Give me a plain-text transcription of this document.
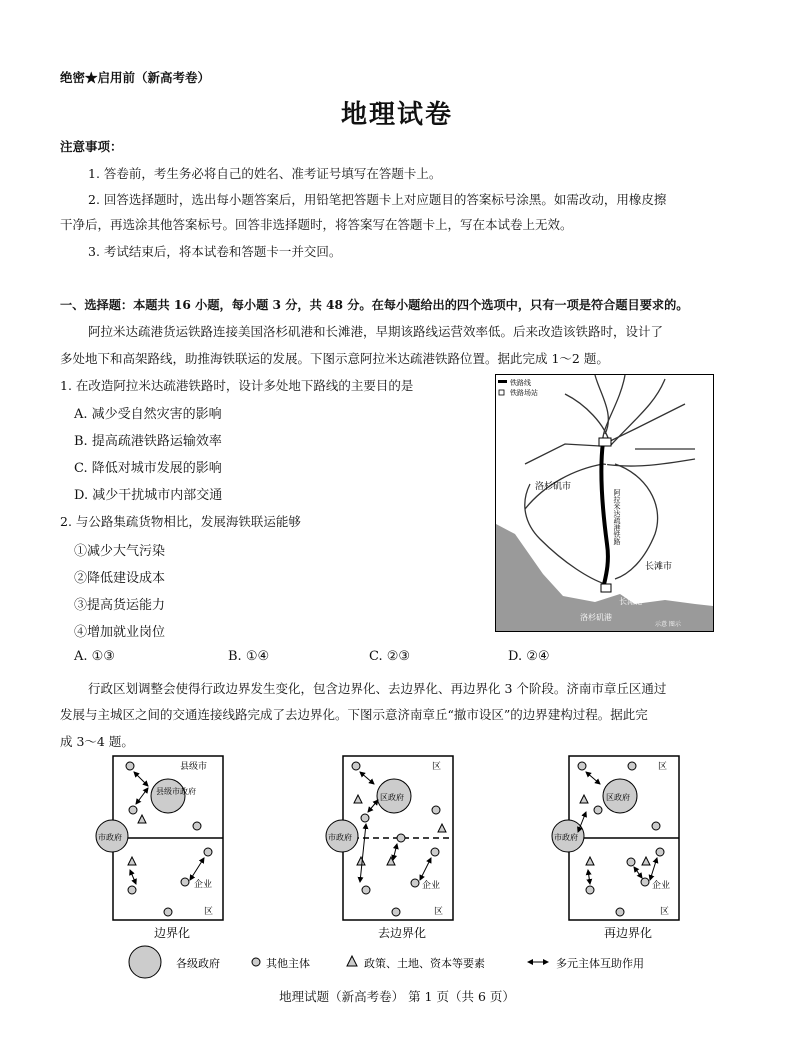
绝密★启用前（新高考卷）
地理试卷
注意事项：
1. 答卷前，考生务必将自己的姓名、准考证号填写在答题卡上。
2. 回答选择题时，选出每小题答案后，用铅笔把答题卡上对应题目的答案标号涂黑。如需改动，用橡皮擦
干净后，再选涂其他答案标号。回答非选择题时，将答案写在答题卡上，写在本试卷上无效。
3. 考试结束后，将本试卷和答题卡一并交回。
一、选择题：本题共 16 小题，每小题 3 分，共 48 分。在每小题给出的四个选项中，只有一项是符合题目要求的。
阿拉米达疏港货运铁路连接美国洛杉矶港和长滩港，早期该路线运营效率低。后来改造该铁路时，设计了
多处地下和高架路线，助推海铁联运的发展。下图示意阿拉米达疏港铁路位置。据此完成 1～2 题。
1. 在改造阿拉米达疏港铁路时，设计多处地下路线的主要目的是
A. 减少受自然灾害的影响
B. 提高疏港铁路运输效率
C. 降低对城市发展的影响
D. 减少干扰城市内部交通
2. 与公路集疏货物相比，发展海铁联运能够
①减少大气污染
②降低建设成本
③提高货运能力
④增加就业岗位
A. ①③	B. ①④	C. ②③	D. ②④
铁路线
铁路场站
洛杉矶市
长滩市
阿拉米达疏港铁路
洛杉矶港
长滩港
示意 图示
行政区划调整会使得行政边界发生变化，包含边界化、去边界化、再边界化 3 个阶段。济南市章丘区通过
发展与主城区之间的交通连接线路完成了去边界化。下图示意济南章丘“撤市设区”的边界建构过程。据此完
成 3～4 题。
县级市
县级市政府
市政府
企业
区
边界化
区
区政府
市政府
企业
区
去边界化
区
区政府
市政府
企业
区
再边界化
各级政府	其他主体	政策、土地、资本等要素	多元主体互助作用
地理试题（新高考卷） 第 1 页（共 6 页）
